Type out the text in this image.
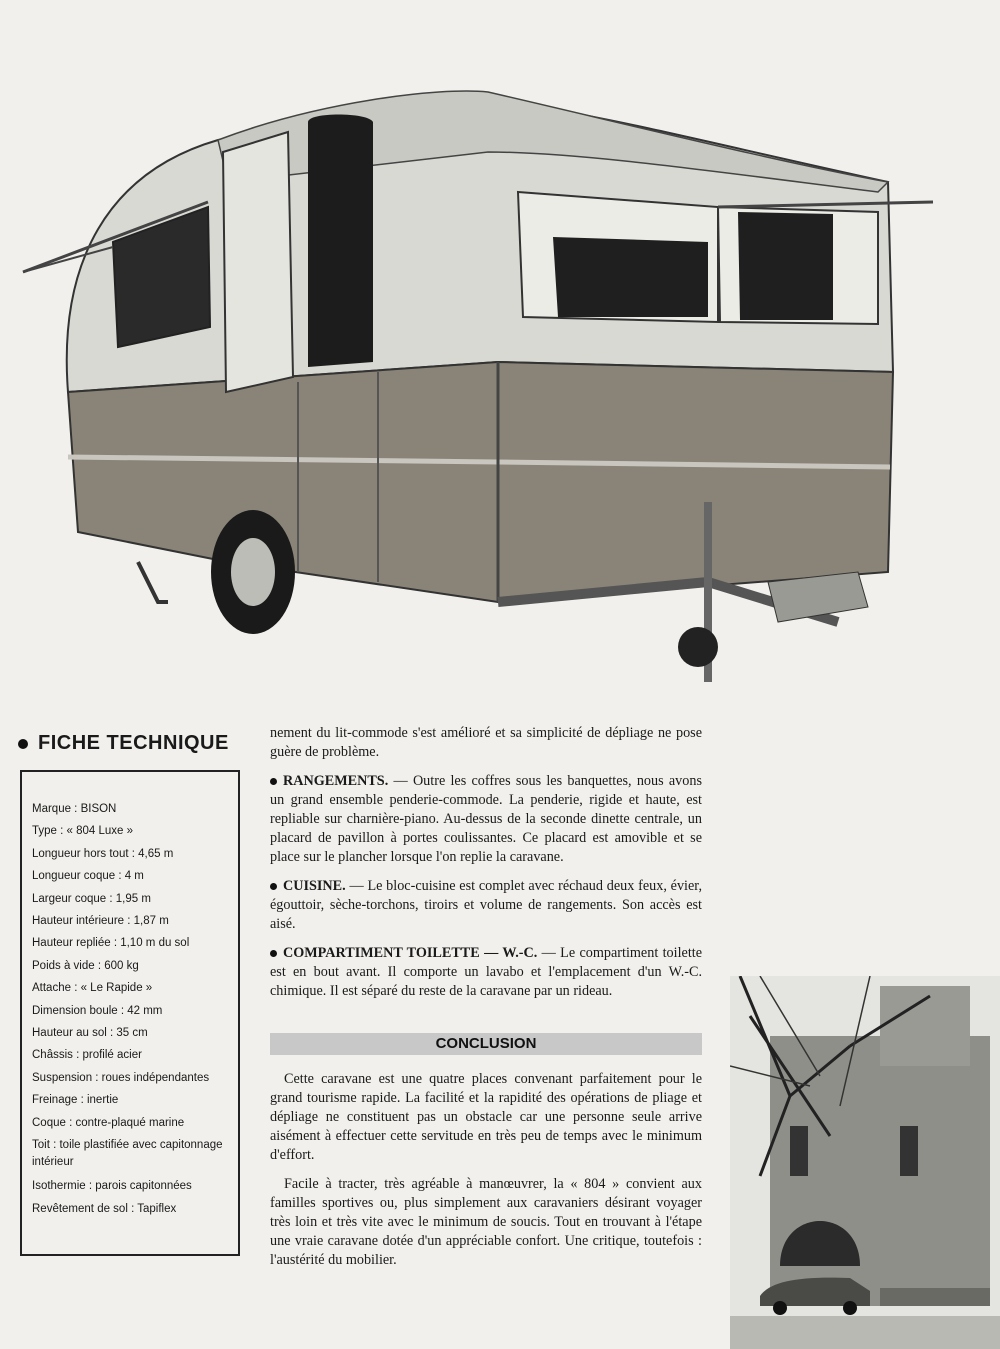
FICHE TECHNIQUE
Marque : BISON
Type : « 804 Luxe »
Longueur hors tout : 4,65 m
Longueur coque : 4 m
Largeur coque : 1,95 m
Hauteur intérieure : 1,87 m
Hauteur repliée : 1,10 m du sol
Poids à vide : 600 kg
Attache : « Le Rapide »
Dimension boule : 42 mm
Hauteur au sol : 35 cm
Châssis : profilé acier
Suspension : roues indépendantes
Freinage : inertie
Coque : contre-plaqué marine
Toit : toile plastifiée avec capitonnage intérieur
Isothermie : parois capitonnées
Revêtement de sol : Tapiflex

nement du lit-commode s'est amélioré et sa simplicité de dépliage ne pose guère de problème.

RANGEMENTS. — Outre les coffres sous les banquettes, nous avons un grand ensemble penderie-commode. La penderie, rigide et haute, est repliable sur charnière-piano. Au-dessus de la seconde dinette centrale, un placard de pavillon à portes coulissantes. Ce placard est amovible et se place sur le plancher lorsque l'on replie la caravane.

CUISINE. — Le bloc-cuisine est complet avec réchaud deux feux, évier, égouttoir, sèche-torchons, tiroirs et volume de rangements. Son accès est aisé.

COMPARTIMENT TOILETTE — W.-C. — Le compartiment toilette est en bout avant. Il comporte un lavabo et l'emplacement d'un W.-C. chimique. Il est séparé du reste de la caravane par un rideau.

CONCLUSION

Cette caravane est une quatre places convenant parfaitement pour le grand tourisme rapide. La facilité et la rapidité des opérations de pliage et dépliage ne constituent pas un obstacle car une personne seule arrive aisément à effectuer cette servitude en très peu de temps avec le minimum d'effort.

Facile à tracter, très agréable à manœuvrer, la « 804 » convient aux familles sportives ou, plus simplement aux caravaniers désirant voyager très loin et très vite avec le minimum de soucis. Tout en trouvant à l'étape une vraie caravane dotée d'un appréciable confort. Une critique, toutefois : l'austérité du mobilier.
